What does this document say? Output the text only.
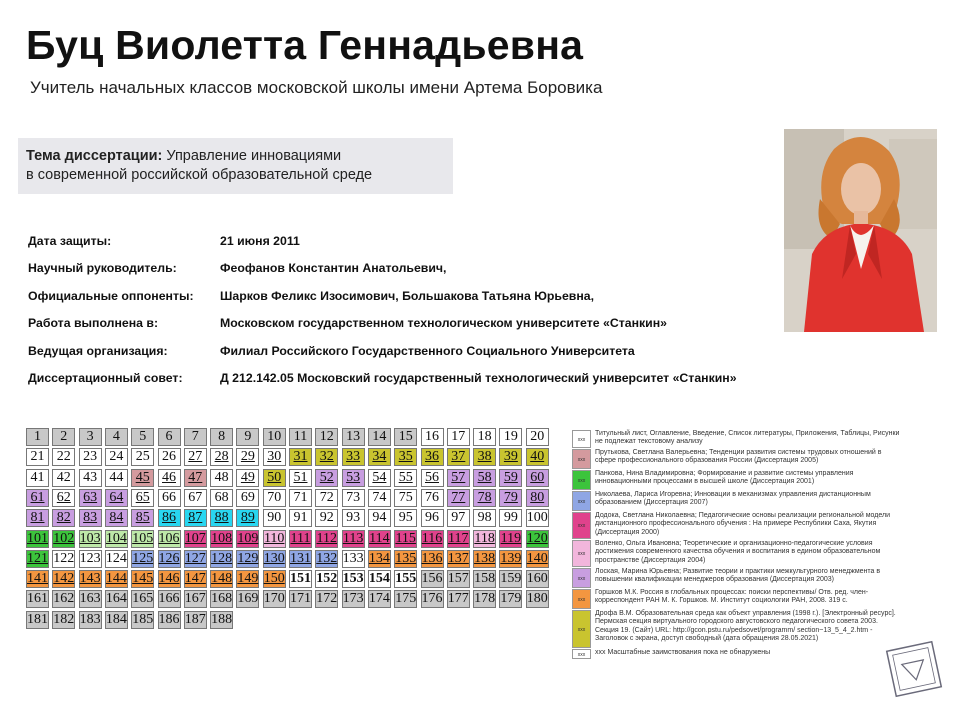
Буц Виолетта Геннадьевна
Учитель начальных классов московской школы имени Артема Боровика
Тема диссертации: Управление инновациями
в современной российской образовательной среде
Дата защиты:	21 июня 2011
Научный руководитель:	Феофанов Константин Анатольевич,
Официальные оппоненты: Шарков Феликс Изосимович, Большакова Татьяна Юрьевна,
Работа выполнена в:	Московском государственном технологическом университете «Станкин»
Ведущая организация:	Филиал Российского Государственного Социального Университета
Диссертационный совет:	Д 212.142.05 Московский государственный технологический университет «Станкин»
1	2	3	4	5	6	7	8	9	10 11 12 13 14 15 16 17 18 19 20
21 22 23 24 25 26 27 28 29 30 31 32 33 34 35 36 37 38 39 40
41 42 43 44 45 46 47 48 49 50 51 52 53 54 55 56 57 58 59 60
61 62 63 64 65 66 67 68 69 70 71 72 73 74 75 76 77 78 79 80
81 82 83 84 85 86 87 88 89 90 91 92 93 94 95 96 97 98 99 100
101 102 103 104 105 106 107 108 109 110 111 112 113 114 115 116 117 118 119 120
121 122 123 124 125 126 127 128 129 130 131 132 133 134 135 136 137 138 139 140
141 142 143 144 145 146 147 148 149 150 151 152 153 154 155 156 157 158 159 160
161 162 163 164 165 166 167 168 169 170 171 172 173 174 175 176 177 178 179 180
181 182 183 184 185 186 187 188
ххх
Титульный лист, Оглавление, Введение, Список литературы, Приложения, Таблицы, Рисунки не подлежат текстовому анализу
ххх
Прутькова, Светлана Валерьевна; Тенденции развития системы трудовых отношений в сфере профессионального образования России (Диссертация 2005)
ххх
Панкова, Нина Владимировна; Формирование и развитие системы управления инновационными процессами в высшей школе (Диссертация 2001)
ххх
Николаева, Лариса Игоревна; Инновации в механизмах управления дистанционным образованием (Диссертация 2007)
ххх
Додока, Светлана Николаевна; Педагогические основы реализации региональной модели дистанционного профессионального обучения : На примере Республики Саха, Якутия (Диссертация 2000)
ххх
Воленко, Ольга Ивановна; Теоретические и организационно-педагогические условия достижения современного качества обучения и воспитания в едином образовательном пространстве (Диссертация 2004)
ххх
Лоская, Марина Юрьевна; Развитие теории и практики межкультурного менеджмента в повышении квалификации менеджеров образования (Диссертация 2003)
ххх
Горшков М.К. Россия в глобальных процессах: поиски перспективы/ Отв. ред. член-корреспондент РАН М. К. Горшков. М. Институт социологии РАН, 2008. 319 с.
ххх
Дрофа В.М. Образовательная среда как объект управления (1998 г.). [Электронный ресурс]. Пермская секция виртуального городского августовского педагогического совета 2003. Секция 19. (Сайт) URL: http://gcon.pstu.ru/pedsovet/programm/ section~13_5_4_2.htm - Заголовок с экрана, доступ свободный (дата обращения 28.05.2021)
ххх	ххх Масштабные заимствования пока не обнаружены
